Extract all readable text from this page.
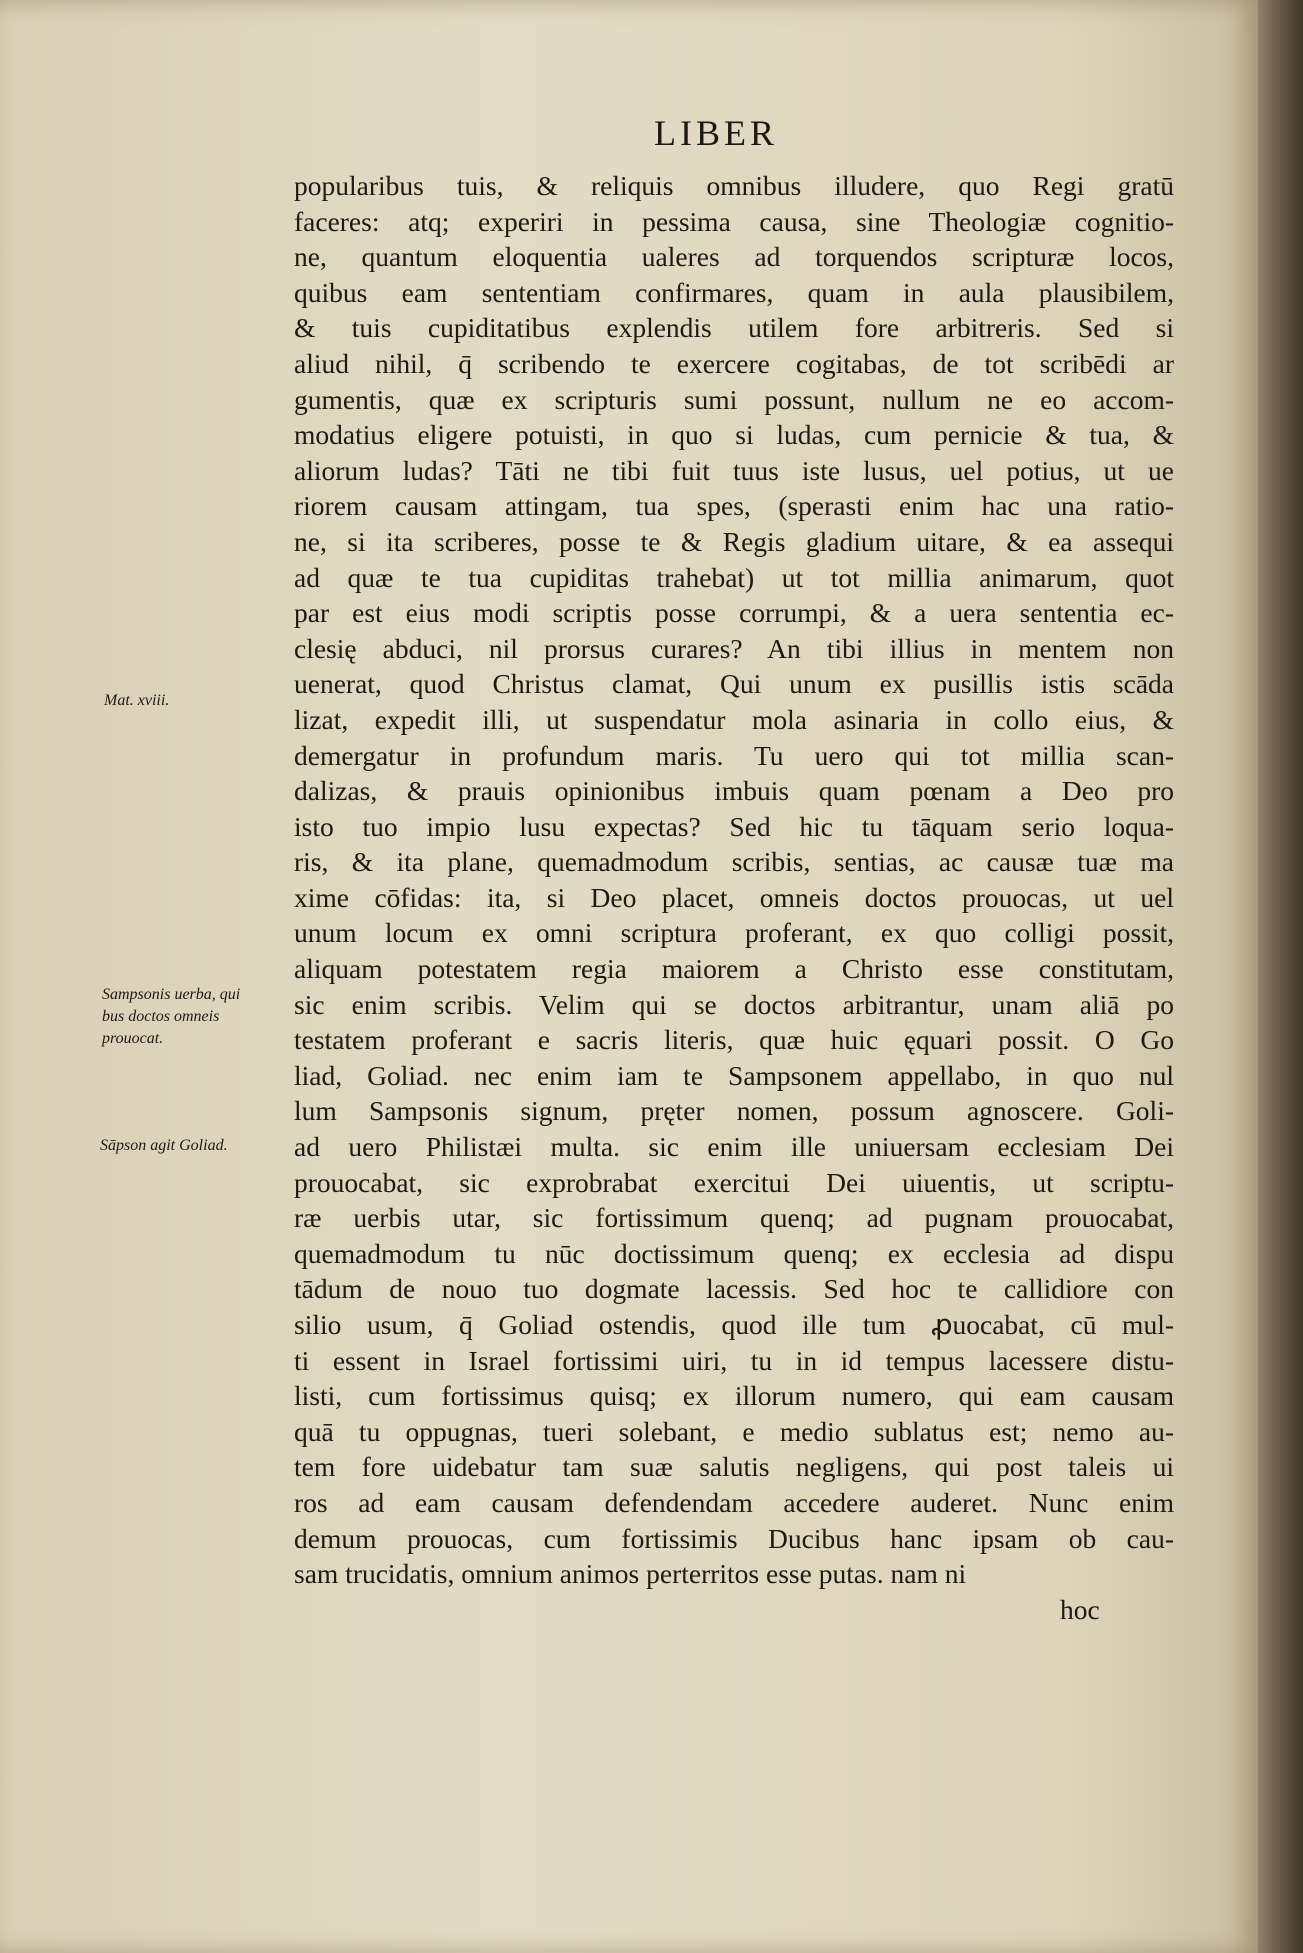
LIBER
popularibus tuis, & reliquis omnibus illudere, quo Regi gratū
faceres: atq; experiri in pessima causa, sine Theologiæ cognitio-
ne, quantum eloquentia ualeres ad torquendos scripturæ locos,
quibus eam sententiam confirmares, quam in aula plausibilem,
& tuis cupiditatibus explendis utilem fore arbitreris. Sed si
aliud nihil, q̄ scribendo te exercere cogitabas, de tot scribēdi ar
gumentis, quæ ex scripturis sumi possunt, nullum ne eo accom-
modatius eligere potuisti, in quo si ludas, cum pernicie & tua, &
aliorum ludas? Tāti ne tibi fuit tuus iste lusus, uel potius, ut ue
riorem causam attingam, tua spes, (sperasti enim hac una ratio-
ne, si ita scriberes, posse te & Regis gladium uitare, & ea assequi
ad quæ te tua cupiditas trahebat) ut tot millia animarum, quot
par est eius modi scriptis posse corrumpi, & a uera sententia ec-
clesię abduci, nil prorsus curares? An tibi illius in mentem non
uenerat, quod Christus clamat, Qui unum ex pusillis istis scāda
lizat, expedit illi, ut suspendatur mola asinaria in collo eius, &
demergatur in profundum maris. Tu uero qui tot millia scan-
dalizas, & prauis opinionibus imbuis quam pœnam a Deo pro
isto tuo impio lusu expectas? Sed hic tu tāquam serio loqua-
ris, & ita plane, quemadmodum scribis, sentias, ac causæ tuæ ma
xime cōfidas: ita, si Deo placet, omneis doctos prouocas, ut uel
unum locum ex omni scriptura proferant, ex quo colligi possit,
aliquam potestatem regia maiorem a Christo esse constitutam,
sic enim scribis. Velim qui se doctos arbitrantur, unam aliā po
testatem proferant e sacris literis, quæ huic ęquari possit. O Go
liad, Goliad. nec enim iam te Sampsonem appellabo, in quo nul
lum Sampsonis signum, pręter nomen, possum agnoscere. Goli-
ad uero Philistæi multa. sic enim ille uniuersam ecclesiam Dei
prouocabat, sic exprobrabat exercitui Dei uiuentis, ut scriptu-
ræ uerbis utar, sic fortissimum quenq; ad pugnam prouocabat,
quemadmodum tu nūc doctissimum quenq; ex ecclesia ad dispu
tādum de nouo tuo dogmate lacessis. Sed hoc te callidiore con
silio usum, q̄ Goliad ostendis, quod ille tum ꝓuocabat, cū mul-
ti essent in Israel fortissimi uiri, tu in id tempus lacessere distu-
listi, cum fortissimus quisq; ex illorum numero, qui eam causam
quā tu oppugnas, tueri solebant, e medio sublatus est; nemo au-
tem fore uidebatur tam suæ salutis negligens, qui post taleis ui
ros ad eam causam defendendam accedere auderet. Nunc enim
demum prouocas, cum fortissimis Ducibus hanc ipsam ob cau-
sam trucidatis, omnium animos perterritos esse putas. nam ni
hoc
Mat. xviii.
Sampsonis uerba, qui
bus doctos omneis
prouocat.
Sāpson agit Goliad.
